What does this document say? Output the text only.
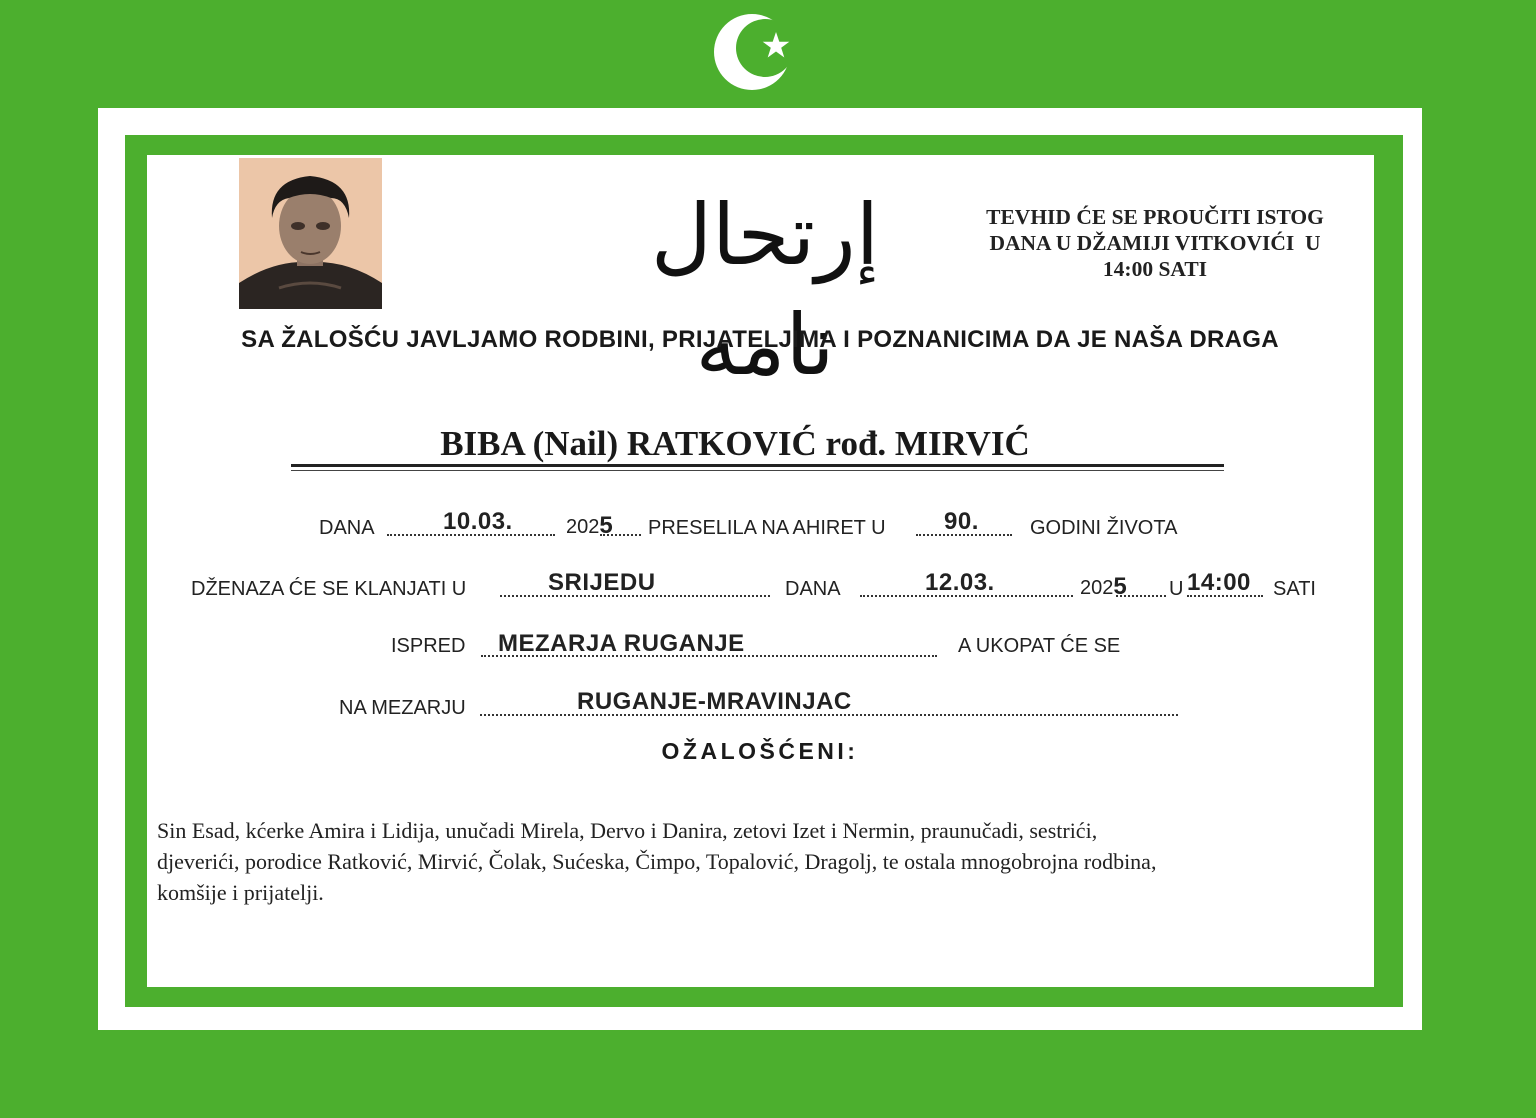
إرتحال نامه
TEVHID ĆE SE PROUČITI ISTOG
DANA U DŽAMIJI VITKOVIĆI  U
14:00 SATI
SA ŽALOŠĆU JAVLJAMO RODBINI, PRIJATELJIMA I POZNANICIMA DA JE NAŠA DRAGA
BIBA (Nail) RATKOVIĆ rođ. MIRVIĆ
DANA	10.03.	2025 PRESELILA NA AHIRET U 90.	GODINI ŽIVOTA
DŽENAZA ĆE SE KLANJATI U	SRIJEDU	DANA	12.03.	2025 U 14:00 SATI
ISPRED MEZARJA RUGANJE	A UKOPAT ĆE SE
NA MEZARJU	RUGANJE-MRAVINJAC
OŽALOŠĆENI:
Sin Esad, kćerke Amira i Lidija, unučadi Mirela, Dervo i Danira, zetovi Izet i Nermin, praunučadi, sestrići,
djeverići, porodice Ratković, Mirvić, Čolak, Sućeska, Čimpo, Topalović, Dragolj, te ostala mnogobrojna rodbina,
komšije i prijatelji.
